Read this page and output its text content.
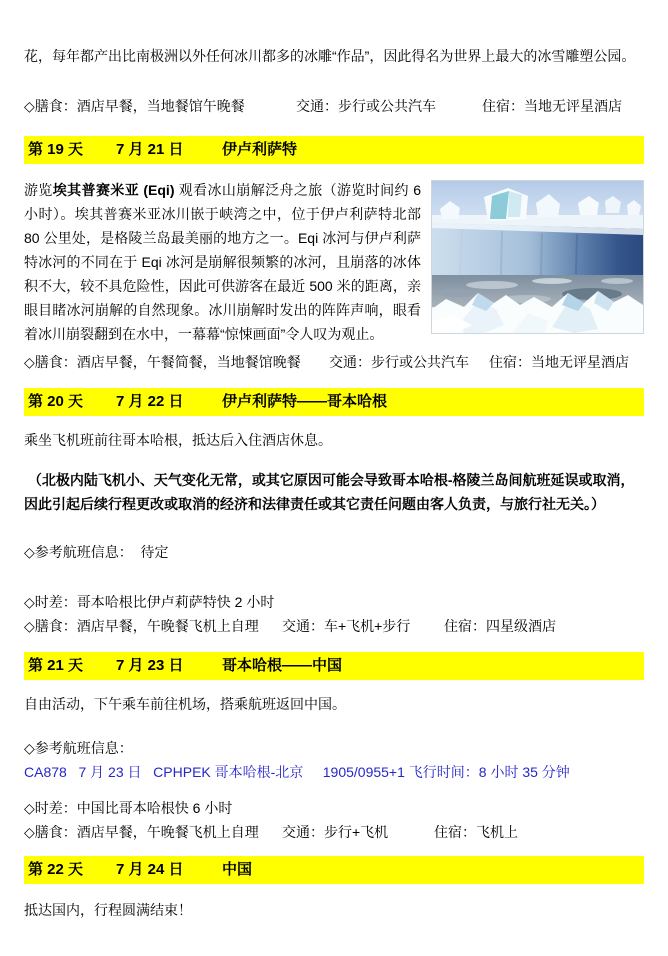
花，每年都产出比南极洲以外任何冰川都多的冰雕“作品”，因此得名为世界上最大的冰雪雕塑公园。

◇膳食：酒店早餐，当地餐馆午晚餐	交通：步行或公共汽车	住宿：当地无评星酒店
第 19 天	7 月 21 日	伊卢利萨特

游览埃其普赛米亚 (Eqi) 观看冰山崩解泛舟之旅（游览时间约 6 小时）。埃其普赛米亚冰川嵌于峡湾之中，位于伊卢利萨特北部 80 公里处，是格陵兰岛最美丽的地方之一。Eqi 冰河与伊卢利萨特冰河的不同在于 Eqi 冰河是崩解很频繁的冰河，且崩落的冰体积不大，较不具危险性，因此可供游客在最近 500 米的距离，亲眼目睹冰河崩解的自然现象。冰川崩解时发出的阵阵声响，眼看着冰川崩裂翻到在水中，一幕幕“惊悚画面”令人叹为观止。

◇膳食：酒店早餐，午餐简餐，当地餐馆晚餐	交通：步行或公共汽车	住宿：当地无评星酒店
第 20 天	7 月 22 日	伊卢利萨特——哥本哈根

乘坐飞机班前往哥本哈根，抵达后入住酒店休息。

（北极内陆飞机小、天气变化无常，或其它原因可能会导致哥本哈根-格陵兰岛间航班延误或取消，因此引起后续行程更改或取消的经济和法律责任或其它责任问题由客人负责，与旅行社无关。）

◇参考航班信息：  待定

◇时差：哥本哈根比伊卢莉萨特快 2 小时

◇膳食：酒店早餐，午晚餐飞机上自理	交通：车+飞机+步行	住宿：四星级酒店
第 21 天	7 月 23 日	哥本哈根——中国

自由活动，下午乘车前往机场，搭乘航班返回中国。

◇参考航班信息：

CA878   7 月 23 日   CPHPEK 哥本哈根-北京     1905/0955+1 飞行时间：8 小时 35 分钟

◇时差：中国比哥本哈根快 6 小时

◇膳食：酒店早餐，午晚餐飞机上自理	交通：步行+飞机	住宿：飞机上
第 22 天	7 月 24 日	中国

抵达国内，行程圆满结束！
